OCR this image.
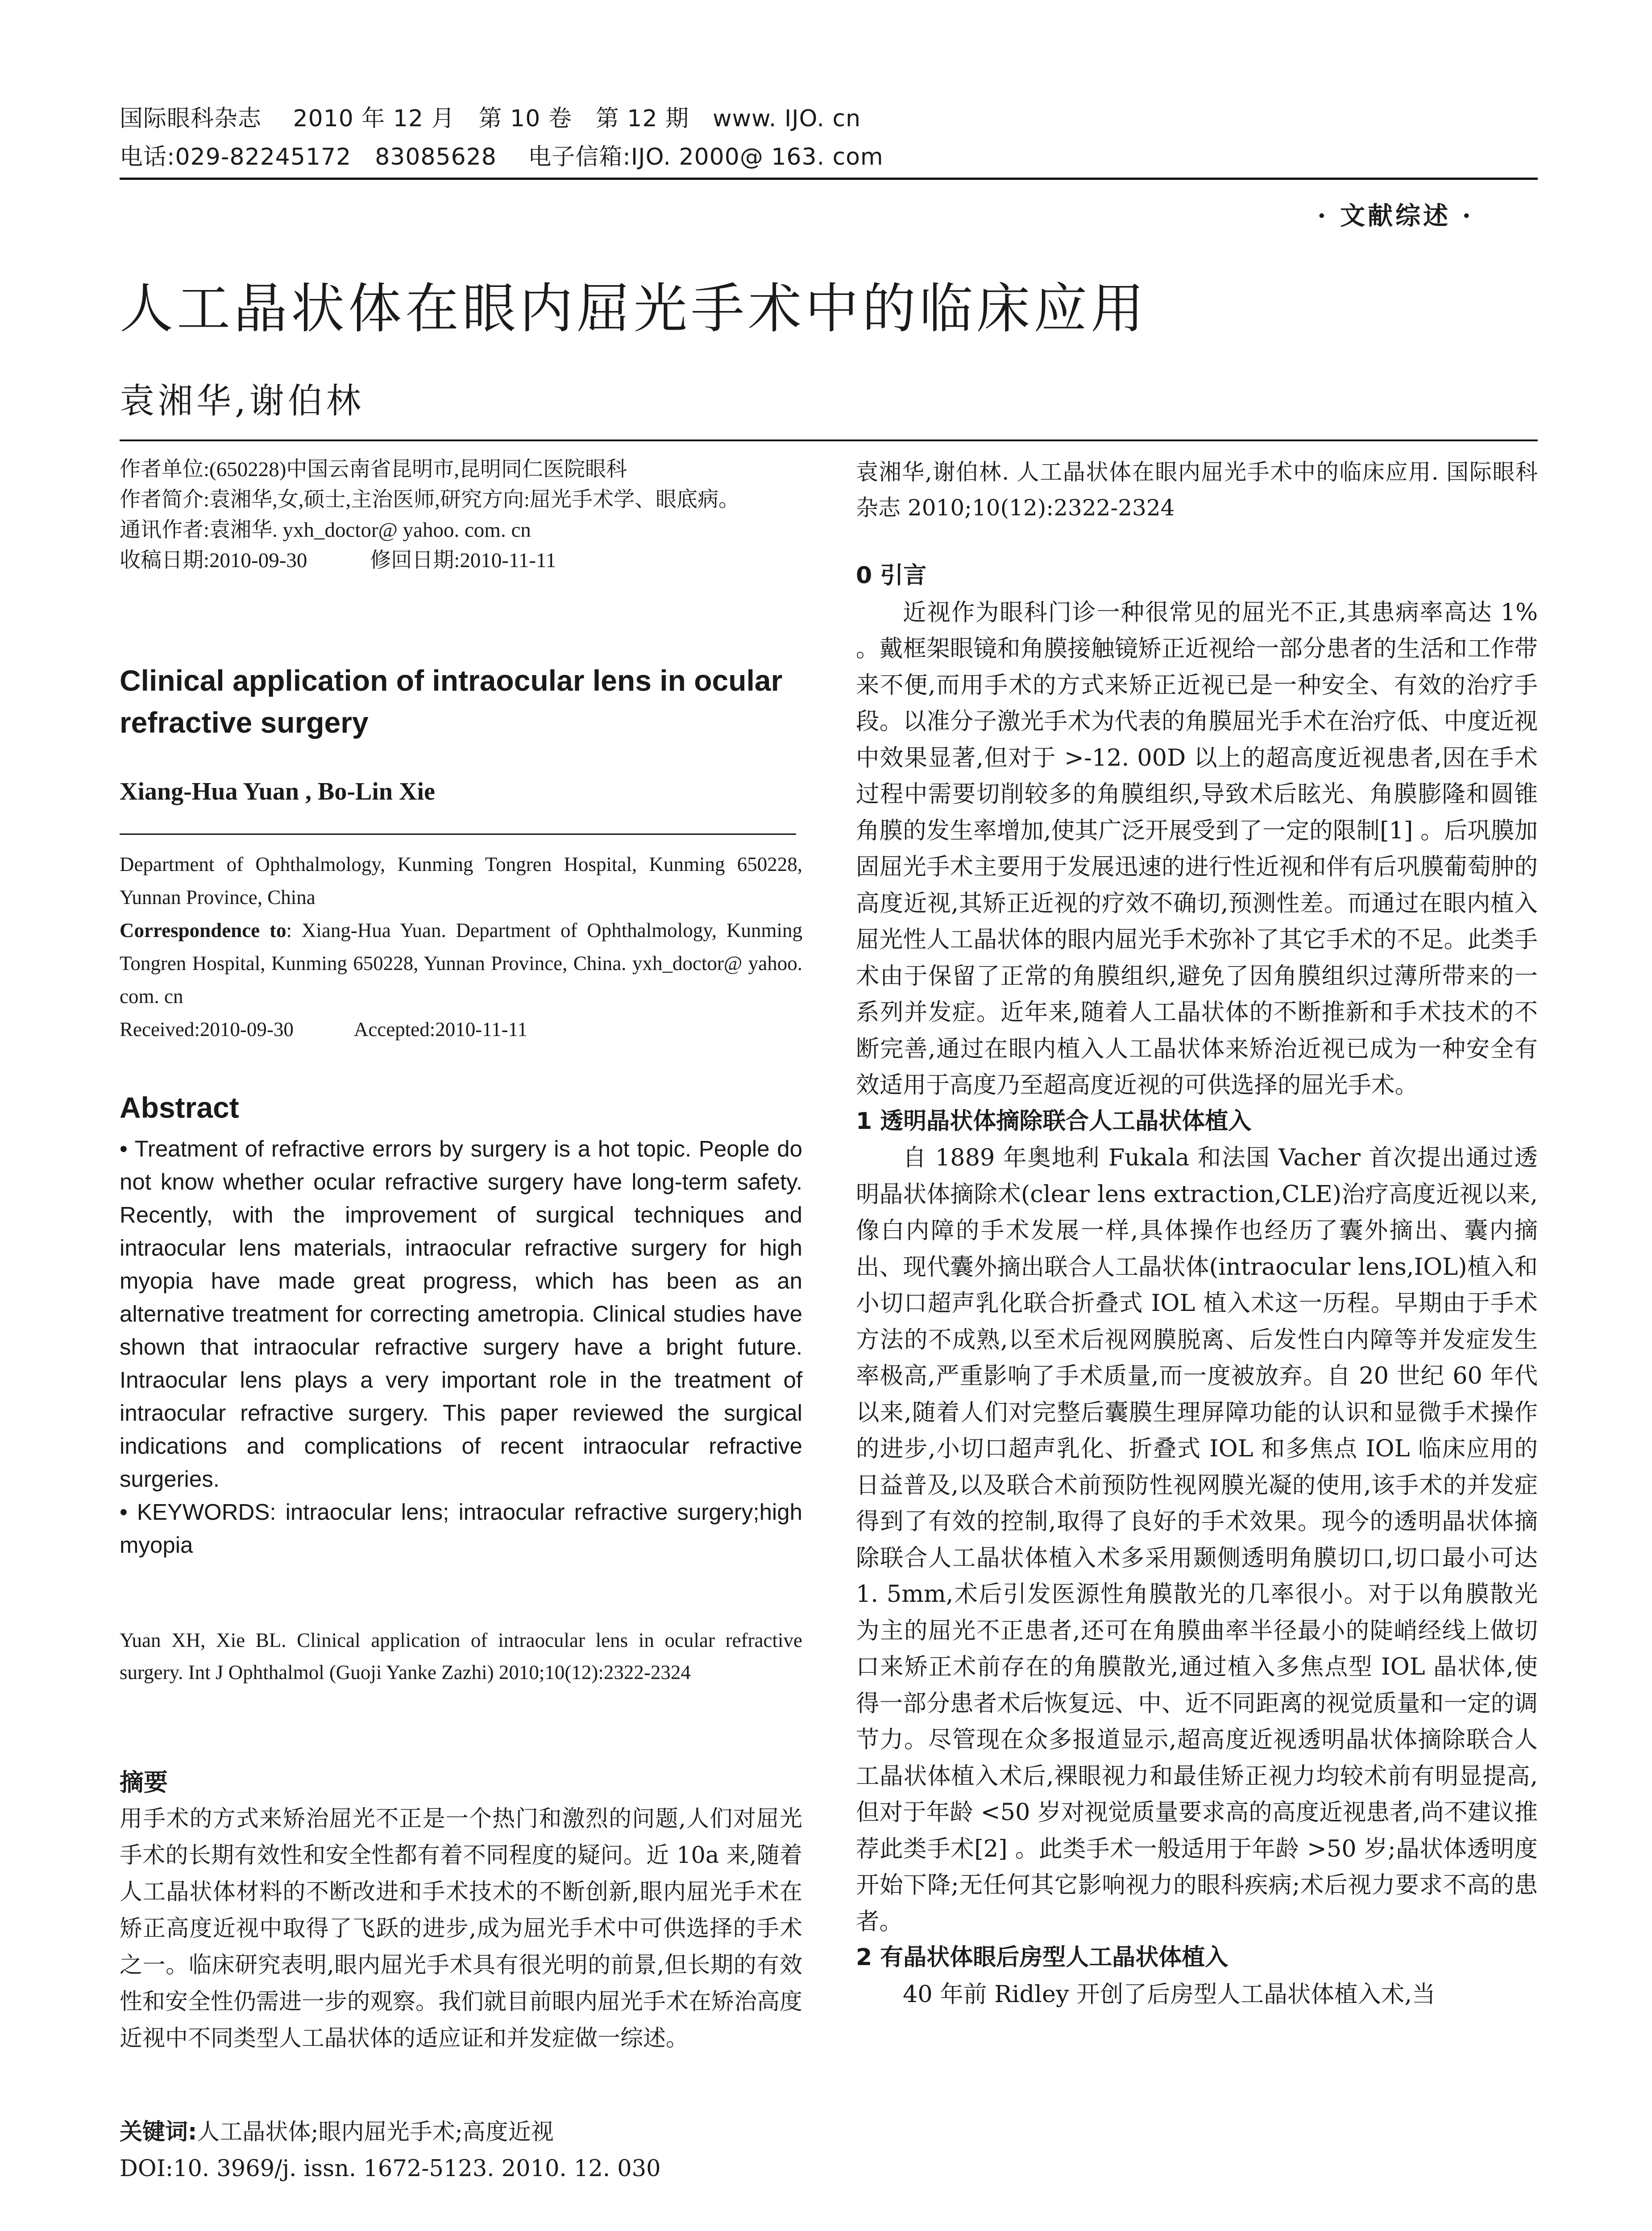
国际眼科杂志　 2010 年 12 月　第 10 卷　第 12 期　www. IJO. cn
电话:029-82245172　83085628　 电子信箱:IJO. 2000@ 163. com
· 文献综述 ·
人工晶状体在眼内屈光手术中的临床应用
袁湘华,谢伯林

作者单位:(650228)中国云南省昆明市,昆明同仁医院眼科

作者简介:袁湘华,女,硕士,主治医师,研究方向:屈光手术学、眼底病。

通讯作者:袁湘华. yxh_doctor@ yahoo. com. cn

收稿日期:2010-09-30　　　修回日期:2010-11-11

Clinical application of intraocular lens in ocular refractive surgery
Xiang-Hua Yuan , Bo-Lin Xie

Department of Ophthalmology, Kunming Tongren Hospital, Kunming 650228, Yunnan Province, China

Correspondence to: Xiang-Hua Yuan. Department of Ophthalmology, Kunming Tongren Hospital, Kunming 650228, Yunnan Province, China. yxh_doctor@ yahoo. com. cn

Received:2010-09-30　　　Accepted:2010-11-11

Abstract

• Treatment of refractive errors by surgery is a hot topic. People do not know whether ocular refractive surgery have long-term safety. Recently, with the improvement of surgical techniques and intraocular lens materials, intraocular refractive surgery for high myopia have made great progress, which has been as an alternative treatment for correcting ametropia. Clinical studies have shown that intraocular refractive surgery have a bright future. Intraocular lens plays a very important role in the treatment of intraocular refractive surgery. This paper reviewed the surgical indications and complications of recent intraocular refractive surgeries.

• KEYWORDS: intraocular lens; intraocular refractive surgery;high myopia

Yuan XH, Xie BL. Clinical application of intraocular lens in ocular refractive surgery. Int J Ophthalmol (Guoji Yanke Zazhi) 2010;10(12):2322-2324

摘要

用手术的方式来矫治屈光不正是一个热门和激烈的问题,人们对屈光手术的长期有效性和安全性都有着不同程度的疑问。近 10a 来,随着人工晶状体材料的不断改进和手术技术的不断创新,眼内屈光手术在矫正高度近视中取得了飞跃的进步,成为屈光手术中可供选择的手术之一。临床研究表明,眼内屈光手术具有很光明的前景,但长期的有效性和安全性仍需进一步的观察。我们就目前眼内屈光手术在矫治高度近视中不同类型人工晶状体的适应证和并发症做一综述。

关键词:人工晶状体;眼内屈光手术;高度近视
DOI:10. 3969/j. issn. 1672-5123. 2010. 12. 030

袁湘华,谢伯林. 人工晶状体在眼内屈光手术中的临床应用. 国际眼科杂志 2010;10(12):2322-2324

0 引言

近视作为眼科门诊一种很常见的屈光不正,其患病率高达 1% 。戴框架眼镜和角膜接触镜矫正近视给一部分患者的生活和工作带来不便,而用手术的方式来矫正近视已是一种安全、有效的治疗手段。以准分子激光手术为代表的角膜屈光手术在治疗低、中度近视中效果显著,但对于 >-12. 00D 以上的超高度近视患者,因在手术过程中需要切削较多的角膜组织,导致术后眩光、角膜膨隆和圆锥角膜的发生率增加,使其广泛开展受到了一定的限制[1] 。后巩膜加固屈光手术主要用于发展迅速的进行性近视和伴有后巩膜葡萄肿的高度近视,其矫正近视的疗效不确切,预测性差。而通过在眼内植入屈光性人工晶状体的眼内屈光手术弥补了其它手术的不足。此类手术由于保留了正常的角膜组织,避免了因角膜组织过薄所带来的一系列并发症。近年来,随着人工晶状体的不断推新和手术技术的不断完善,通过在眼内植入人工晶状体来矫治近视已成为一种安全有效适用于高度乃至超高度近视的可供选择的屈光手术。

1 透明晶状体摘除联合人工晶状体植入

自 1889 年奥地利 Fukala 和法国 Vacher 首次提出通过透明晶状体摘除术(clear lens extraction,CLE)治疗高度近视以来,像白内障的手术发展一样,具体操作也经历了囊外摘出、囊内摘出、现代囊外摘出联合人工晶状体(intraocular lens,IOL)植入和小切口超声乳化联合折叠式 IOL 植入术这一历程。早期由于手术方法的不成熟,以至术后视网膜脱离、后发性白内障等并发症发生率极高,严重影响了手术质量,而一度被放弃。自 20 世纪 60 年代以来,随着人们对完整后囊膜生理屏障功能的认识和显微手术操作的进步,小切口超声乳化、折叠式 IOL 和多焦点 IOL 临床应用的日益普及,以及联合术前预防性视网膜光凝的使用,该手术的并发症得到了有效的控制,取得了良好的手术效果。现今的透明晶状体摘除联合人工晶状体植入术多采用颞侧透明角膜切口,切口最小可达 1. 5mm,术后引发医源性角膜散光的几率很小。对于以角膜散光为主的屈光不正患者,还可在角膜曲率半径最小的陡峭经线上做切口来矫正术前存在的角膜散光,通过植入多焦点型 IOL 晶状体,使得一部分患者术后恢复远、中、近不同距离的视觉质量和一定的调节力。尽管现在众多报道显示,超高度近视透明晶状体摘除联合人工晶状体植入术后,裸眼视力和最佳矫正视力均较术前有明显提高,但对于年龄 <50 岁对视觉质量要求高的高度近视患者,尚不建议推荐此类手术[2] 。此类手术一般适用于年龄 >50 岁;晶状体透明度开始下降;无任何其它影响视力的眼科疾病;术后视力要求不高的患者。

2 有晶状体眼后房型人工晶状体植入

40 年前 Ridley 开创了后房型人工晶状体植入术,当
